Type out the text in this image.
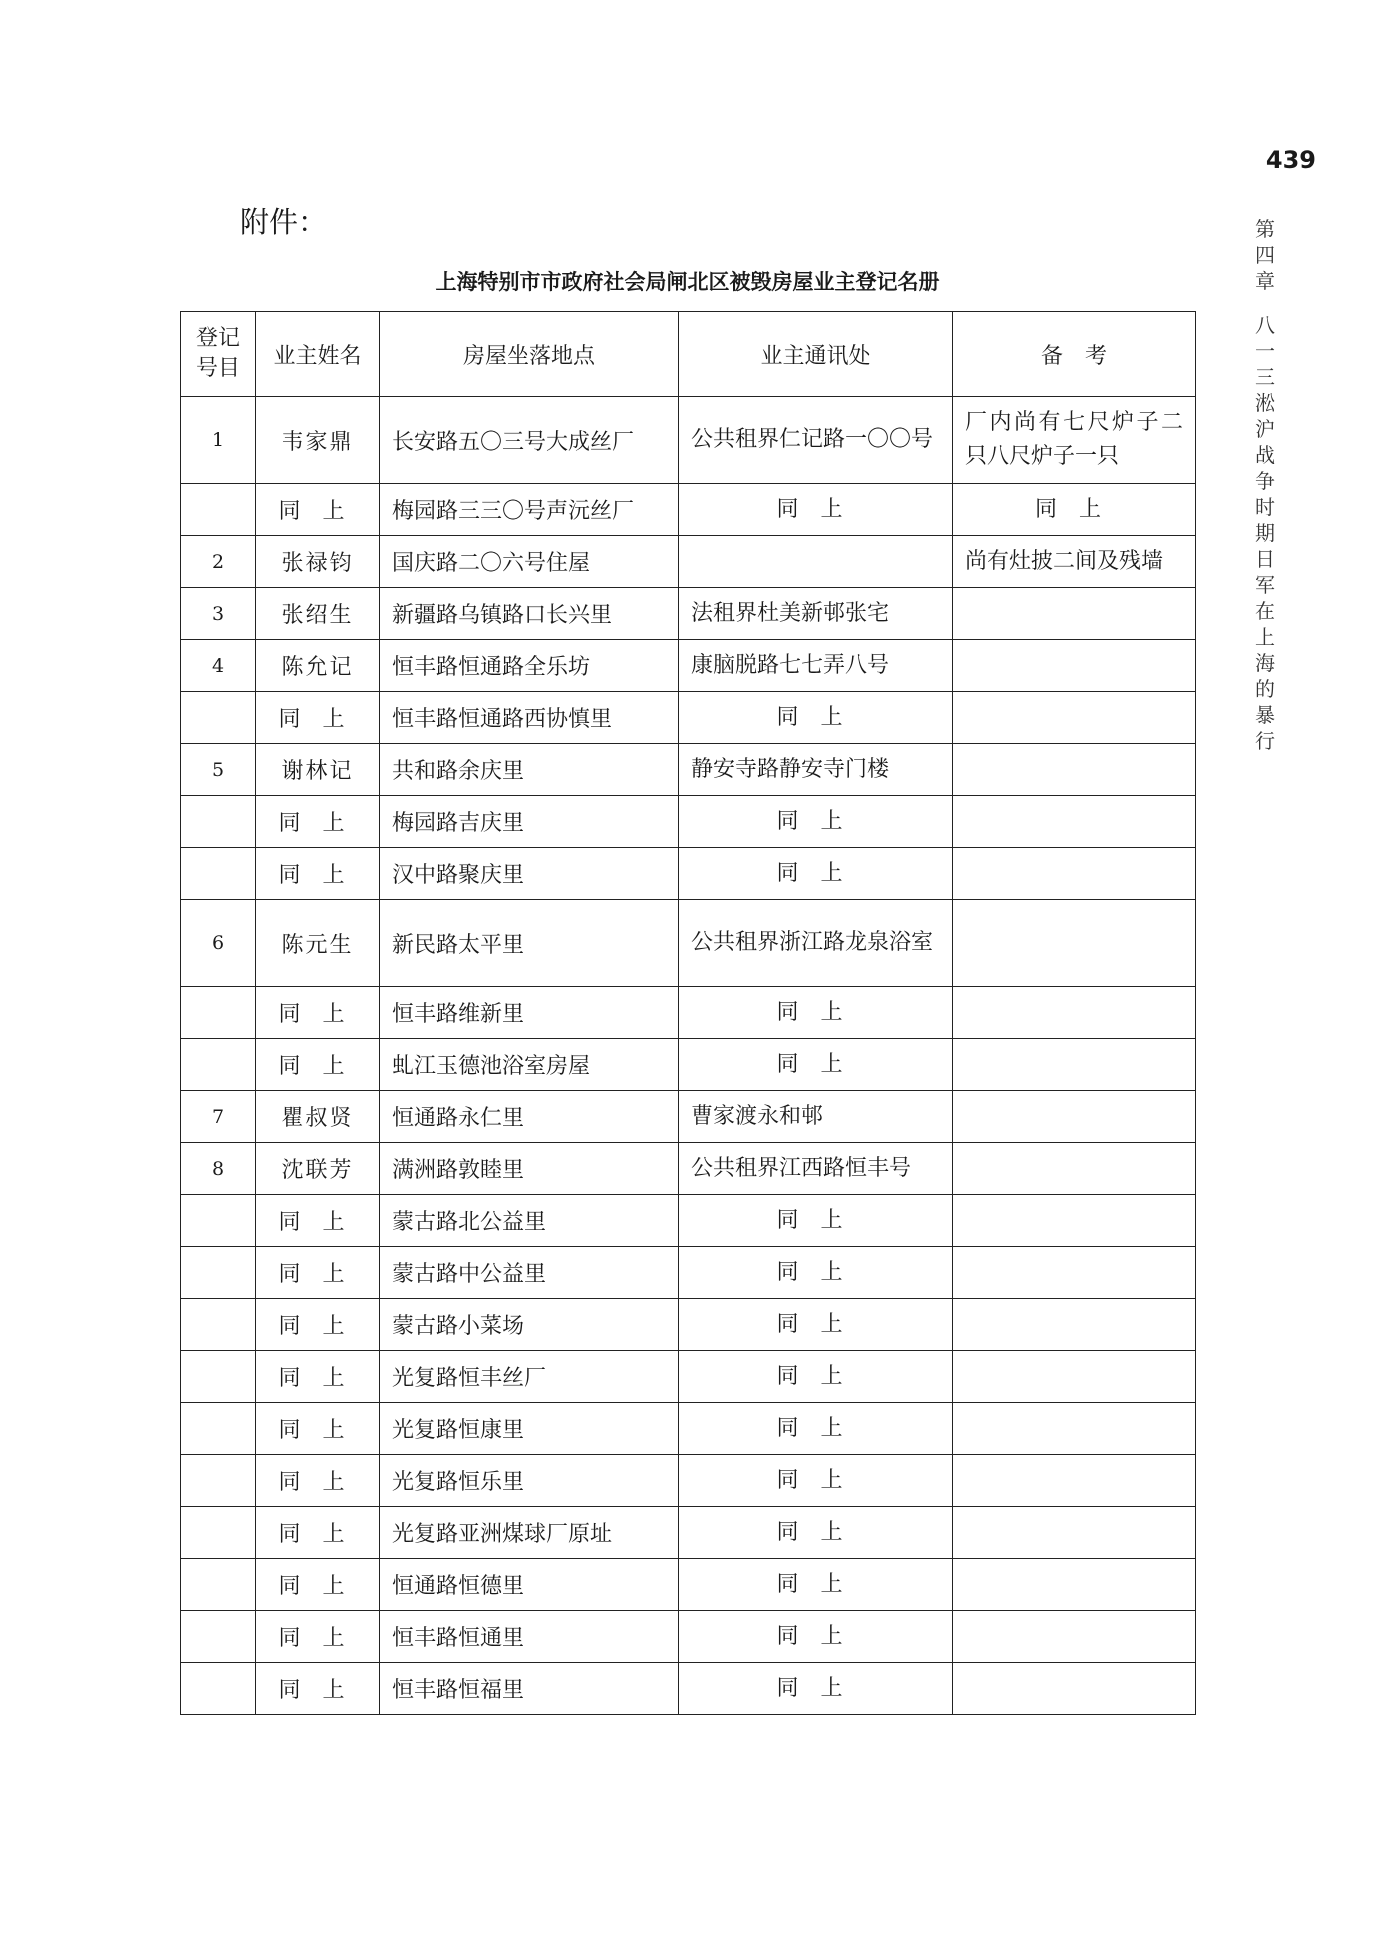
439
第
四
章
八
一
三
淞
沪
战
争
时
期
日
军
在
上
海
的
暴
行
附件：
上海特别市市政府社会局闸北区被毁房屋业主登记名册
登记
号目	业主姓名	房屋坐落地点	业主通讯处	备　考
1	韦家鼎	长安路五〇三号大成丝厂	公共租界仁记路一〇〇号	厂内尚有七尺炉子二只八尺炉子一只
	同上	梅园路三三〇号声沅丝厂	同上	同上
2	张禄钧	国庆路二〇六号住屋		尚有灶披二间及残墙
3	张绍生	新疆路乌镇路口长兴里	法租界杜美新邨张宅	
4	陈允记	恒丰路恒通路全乐坊	康脑脱路七七弄八号	
	同上	恒丰路恒通路西协慎里	同上	
5	谢林记	共和路余庆里	静安寺路静安寺门楼	
	同上	梅园路吉庆里	同上	
	同上	汉中路聚庆里	同上	
6	陈元生	新民路太平里	公共租界浙江路龙泉浴室	
	同上	恒丰路维新里	同上	
	同上	虬江玉德池浴室房屋	同上	
7	瞿叔贤	恒通路永仁里	曹家渡永和邨	
8	沈联芳	满洲路敦睦里	公共租界江西路恒丰号	
	同上	蒙古路北公益里	同上	
	同上	蒙古路中公益里	同上	
	同上	蒙古路小菜场	同上	
	同上	光复路恒丰丝厂	同上	
	同上	光复路恒康里	同上	
	同上	光复路恒乐里	同上	
	同上	光复路亚洲煤球厂原址	同上	
	同上	恒通路恒德里	同上	
	同上	恒丰路恒通里	同上	
	同上	恒丰路恒福里	同上	
